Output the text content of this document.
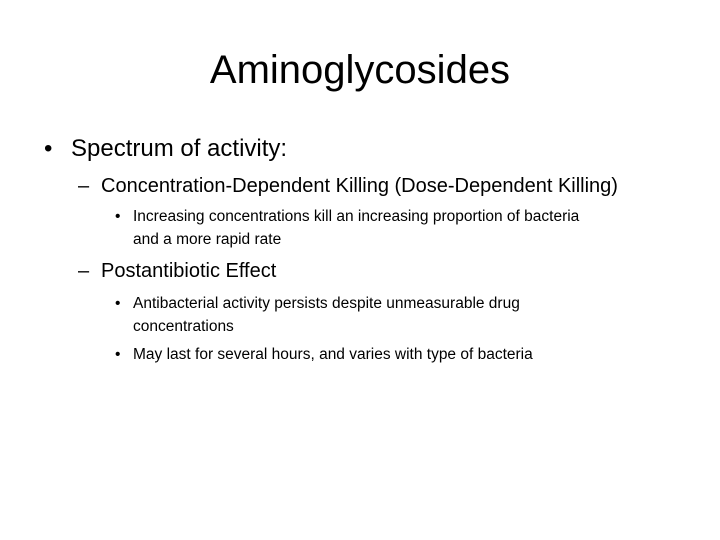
Aminoglycosides
• Spectrum of activity:
– Concentration-Dependent Killing (Dose-Dependent Killing)
• Increasing concentrations kill an increasing proportion of bacteria
and a more rapid rate
– Postantibiotic Effect
• Antibacterial activity persists despite unmeasurable drug
concentrations
• May last for several hours, and varies with type of bacteria
